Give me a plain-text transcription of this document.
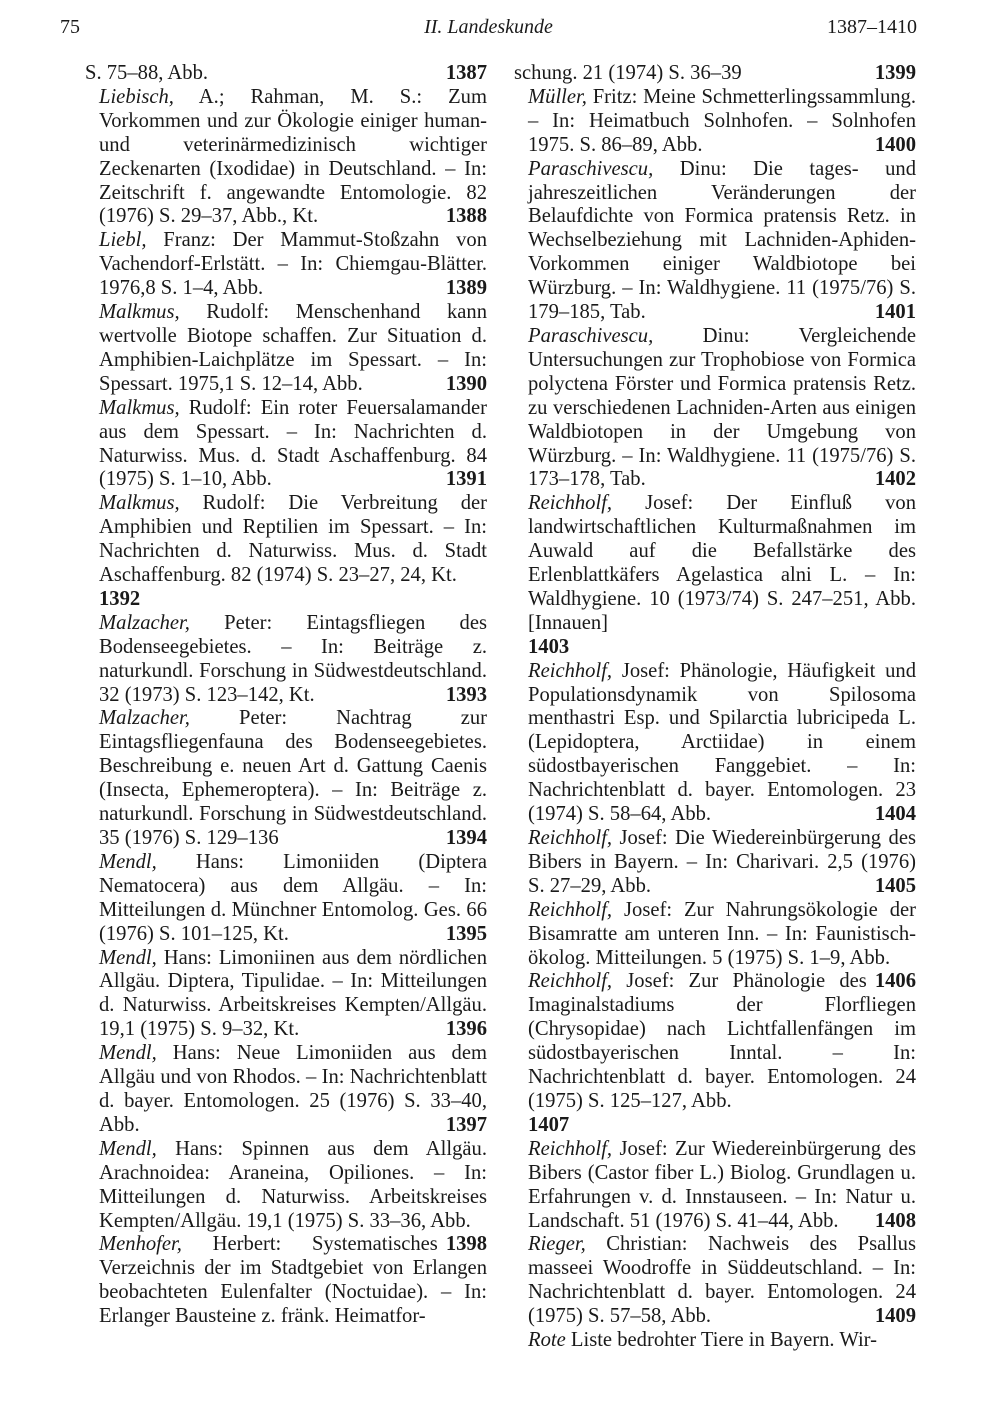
75	II. Landeskunde	1387–1410
S. 75–88, Abb.	1387
Liebisch, A.; Rahman, M. S.: Zum Vorkommen und zur Ökologie einiger human- und veterinärmedizinisch wichtiger Zeckenarten (Ixodidae) in Deutschland. – In: Zeitschrift f. angewandte Entomologie. 82 (1976) S. 29–37, Abb., Kt.	1388
Liebl, Franz: Der Mammut-Stoßzahn von Vachendorf-Erlstätt. – In: Chiemgau-Blätter. 1976,8 S. 1–4, Abb.	1389
Malkmus, Rudolf: Menschenhand kann wertvolle Biotope schaffen. Zur Situation d. Amphibien-Laichplätze im Spessart. – In: Spessart. 1975,1 S. 12–14, Abb.	1390
Malkmus, Rudolf: Ein roter Feuersalamander aus dem Spessart. – In: Nachrichten d. Naturwiss. Mus. d. Stadt Aschaffenburg. 84 (1975) S. 1–10, Abb.	1391
Malkmus, Rudolf: Die Verbreitung der Amphibien und Reptilien im Spessart. – In: Nachrichten d. Naturwiss. Mus. d. Stadt Aschaffenburg. 82 (1974) S. 23–27, 24, Kt.
1392
Malzacher, Peter: Eintagsfliegen des Bodenseegebietes. – In: Beiträge z. naturkundl. Forschung in Südwestdeutschland. 32 (1973) S. 123–142, Kt.	1393
Malzacher, Peter: Nachtrag zur Eintagsfliegenfauna des Bodenseegebietes. Beschreibung e. neuen Art d. Gattung Caenis (Insecta, Ephemeroptera). – In: Beiträge z. naturkundl. Forschung in Südwestdeutschland. 35 (1976) S. 129–136	1394
Mendl, Hans: Limoniiden (Diptera Nematocera) aus dem Allgäu. – In: Mitteilungen d. Münchner Entomolog. Ges. 66 (1976) S. 101–125, Kt.	1395
Mendl, Hans: Limoniinen aus dem nördlichen Allgäu. Diptera, Tipulidae. – In: Mitteilungen d. Naturwiss. Arbeitskreises Kempten/Allgäu. 19,1 (1975) S. 9–32, Kt.	1396
Mendl, Hans: Neue Limoniiden aus dem Allgäu und von Rhodos. – In: Nachrichtenblatt d. bayer. Entomologen. 25 (1976) S. 33–40, Abb.	1397
Mendl, Hans: Spinnen aus dem Allgäu. Arachnoidea: Araneina, Opiliones. – In: Mitteilungen d. Naturwiss. Arbeitskreises Kempten/Allgäu. 19,1 (1975) S. 33–36, Abb.
1398
Menhofer, Herbert: Systematisches Verzeichnis der im Stadtgebiet von Erlangen beobachteten Eulenfalter (Noctuidae). – In: Erlanger Bausteine z. fränk. Heimatfor-
schung. 21 (1974) S. 36–39	1399
Müller, Fritz: Meine Schmetterlingssammlung. – In: Heimatbuch Solnhofen. – Solnhofen 1975. S. 86–89, Abb.	1400
Paraschivescu, Dinu: Die tages- und jahreszeitlichen Veränderungen der Belaufdichte von Formica pratensis Retz. in Wechselbeziehung mit Lachniden-Aphiden-Vorkommen einiger Waldbiotope bei Würzburg. – In: Waldhygiene. 11 (1975/76) S. 179–185, Tab.	1401
Paraschivescu, Dinu: Vergleichende Untersuchungen zur Trophobiose von Formica polyctena Förster und Formica pratensis Retz. zu verschiedenen Lachniden-Arten aus einigen Waldbiotopen in der Umgebung von Würzburg. – In: Waldhygiene. 11 (1975/76) S. 173–178, Tab.	1402
Reichholf, Josef: Der Einfluß von landwirtschaftlichen Kulturmaßnahmen im Auwald auf die Befallstärke des Erlenblattkäfers Agelastica alni L. – In: Waldhygiene. 10 (1973/74) S. 247–251, Abb. [Innauen]
1403
Reichholf, Josef: Phänologie, Häufigkeit und Populationsdynamik von Spilosoma menthastri Esp. und Spilarctia lubricipeda L. (Lepidoptera, Arctiidae) in einem südostbayerischen Fanggebiet. – In: Nachrichtenblatt d. bayer. Entomologen. 23 (1974) S. 58–64, Abb.	1404
Reichholf, Josef: Die Wiedereinbürgerung des Bibers in Bayern. – In: Charivari. 2,5 (1976) S. 27–29, Abb.	1405
Reichholf, Josef: Zur Nahrungsökologie der Bisamratte am unteren Inn. – In: Faunistisch-ökolog. Mitteilungen. 5 (1975) S. 1–9, Abb.
1406
Reichholf, Josef: Zur Phänologie des Imaginalstadiums der Florfliegen (Chrysopidae) nach Lichtfallenfängen im südostbayerischen Inntal. – In: Nachrichtenblatt d. bayer. Entomologen. 24 (1975) S. 125–127, Abb.
1407
Reichholf, Josef: Zur Wiedereinbürgerung des Bibers (Castor fiber L.) Biolog. Grundlagen u. Erfahrungen v. d. Innstauseen. – In: Natur u. Landschaft. 51 (1976) S. 41–44, Abb. 1408
Rieger, Christian: Nachweis des Psallus masseei Woodroffe in Süddeutschland. – In: Nachrichtenblatt d. bayer. Entomologen. 24 (1975) S. 57–58, Abb.	1409
Rote Liste bedrohter Tiere in Bayern. Wir-
